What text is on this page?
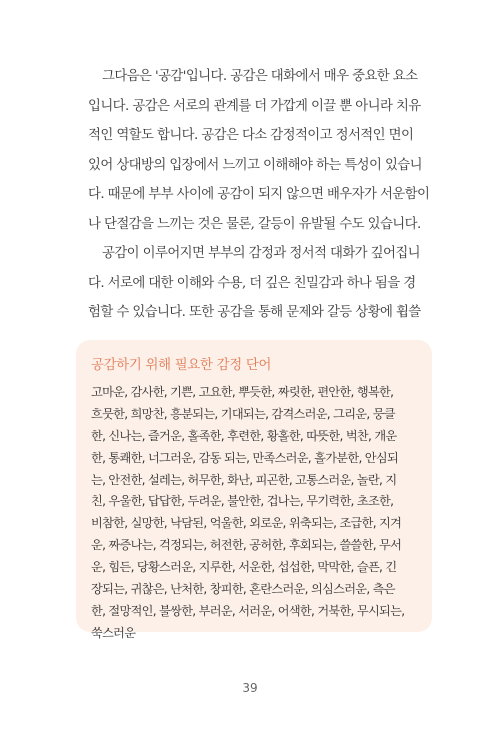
그다음은 '공감'입니다. 공감은 대화에서 매우 중요한 요소
입니다. 공감은 서로의 관계를 더 가깝게 이끌 뿐 아니라 치유
적인 역할도 합니다. 공감은 다소 감정적이고 정서적인 면이
있어 상대방의 입장에서 느끼고 이해해야 하는 특성이 있습니
다. 때문에 부부 사이에 공감이 되지 않으면 배우자가 서운함이
나 단절감을 느끼는 것은 물론, 갈등이 유발될 수도 있습니다.
공감이 이루어지면 부부의 감정과 정서적 대화가 깊어집니
다. 서로에 대한 이해와 수용, 더 깊은 친밀감과 하나 됨을 경
험할 수 있습니다. 또한 공감을 통해 문제와 갈등 상황에 휩쓸
공감하기 위해 필요한 감정 단어
고마운, 감사한, 기쁜, 고요한, 뿌듯한, 짜릿한, 편안한, 행복한,
흐뭇한, 희망찬, 흥분되는, 기대되는, 감격스러운, 그리운, 뭉클
한, 신나는, 즐거운, 홀족한, 후련한, 황홀한, 따뜻한, 벅찬, 개운
한, 통쾌한, 너그러운, 감동 되는, 만족스러운, 홀가분한, 안심되
는, 안전한, 설레는, 허무한, 화난, 피곤한, 고통스러운, 놀란, 지
친, 우울한, 답답한, 두려운, 불안한, 겁나는, 무기력한, 초조한,
비참한, 실망한, 낙담된, 억울한, 외로운, 위축되는, 조급한, 지겨
운, 짜증나는, 걱정되는, 허전한, 공허한, 후회되는, 쓸쓸한, 무서
운, 힘든, 당황스러운, 지루한, 서운한, 섭섭한, 막막한, 슬픈, 긴
장되는, 귀찮은, 난처한, 창피한, 혼란스러운, 의심스러운, 측은
한, 절망적인, 불쌍한, 부러운, 서러운, 어색한, 거북한, 무시되는,
쑥스러운
39
